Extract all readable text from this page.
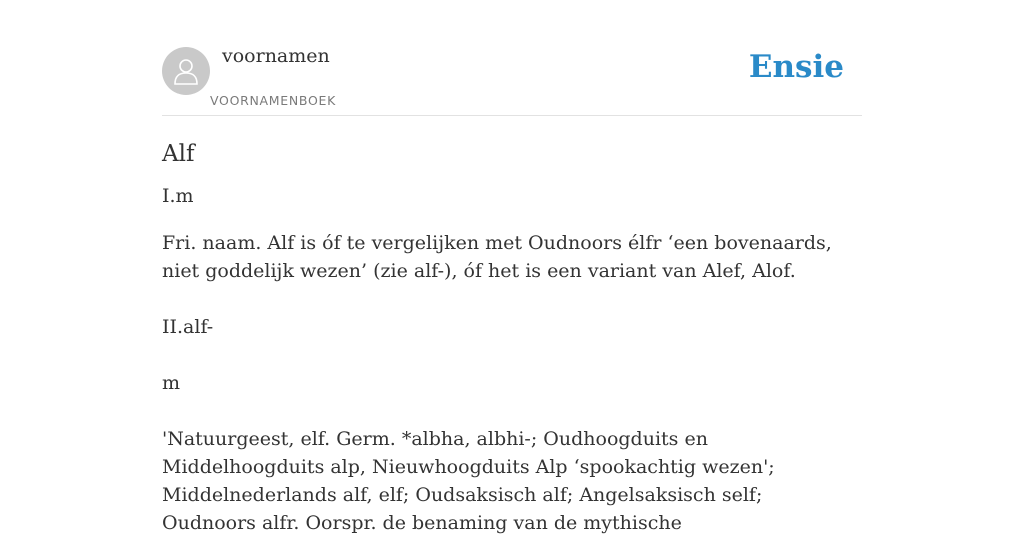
voornamen
VOORNAMENBOEK
Ensie
Alf

I.m

Fri. naam. Alf is óf te vergelijken met Oudnoors élfr ‘een bovenaards, niet goddelijk wezen’ (zie alf-), óf het is een variant van Alef, Alof.

II.alf-

m

'Natuurgeest, elf. Germ. *albha, albhi-; Oudhoogduits en Middelhoogduits alp, Nieuwhoogduits Alp ‘spookachtig wezen'; Middelnederlands alf, elf; Oudsaksisch alf; Angelsaksisch self; Oudnoors alfr. Oorspr. de benaming van de mythische
